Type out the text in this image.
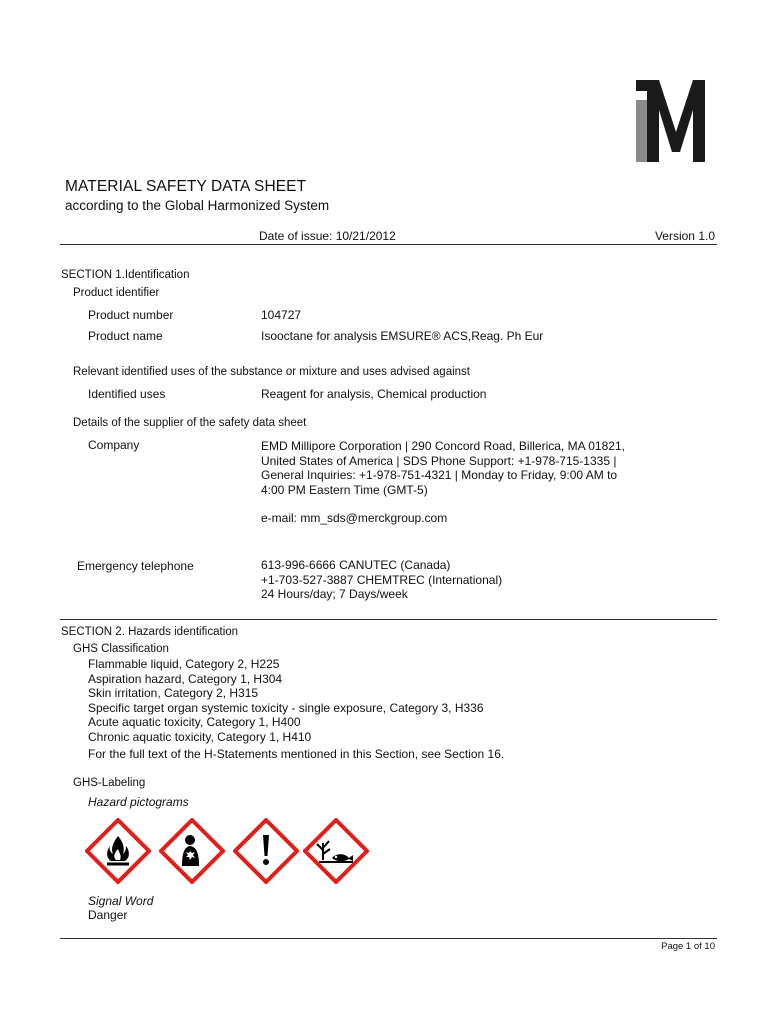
MATERIAL SAFETY DATA SHEET
according to the Global Harmonized System
Date of issue: 10/21/2012	Version 1.0
SECTION 1.Identification
Product identifier
Product number	104727
Product name	Isooctane for analysis EMSURE® ACS,Reag. Ph Eur
Relevant identified uses of the substance or mixture and uses advised against
Identified uses	Reagent for analysis, Chemical production
Details of the supplier of the safety data sheet
Company	EMD Millipore Corporation | 290 Concord Road, Billerica, MA 01821,
United States of America | SDS Phone Support: +1-978-715-1335 |
General Inquiries: +1-978-751-4321 | Monday to Friday, 9:00 AM to
4:00 PM Eastern Time (GMT-5)
e-mail: mm_sds@merckgroup.com
Emergency telephone	613-996-6666 CANUTEC (Canada)
+1-703-527-3887 CHEMTREC (International)
24 Hours/day; 7 Days/week
SECTION 2. Hazards identification
GHS Classification
Flammable liquid, Category 2, H225
Aspiration hazard, Category 1, H304
Skin irritation, Category 2, H315
Specific target organ systemic toxicity - single exposure, Category 3, H336
Acute aquatic toxicity, Category 1, H400
Chronic aquatic toxicity, Category 1, H410
For the full text of the H-Statements mentioned in this Section, see Section 16.
GHS-Labeling
Hazard pictograms
Signal Word
Danger
Page 1 of 10
